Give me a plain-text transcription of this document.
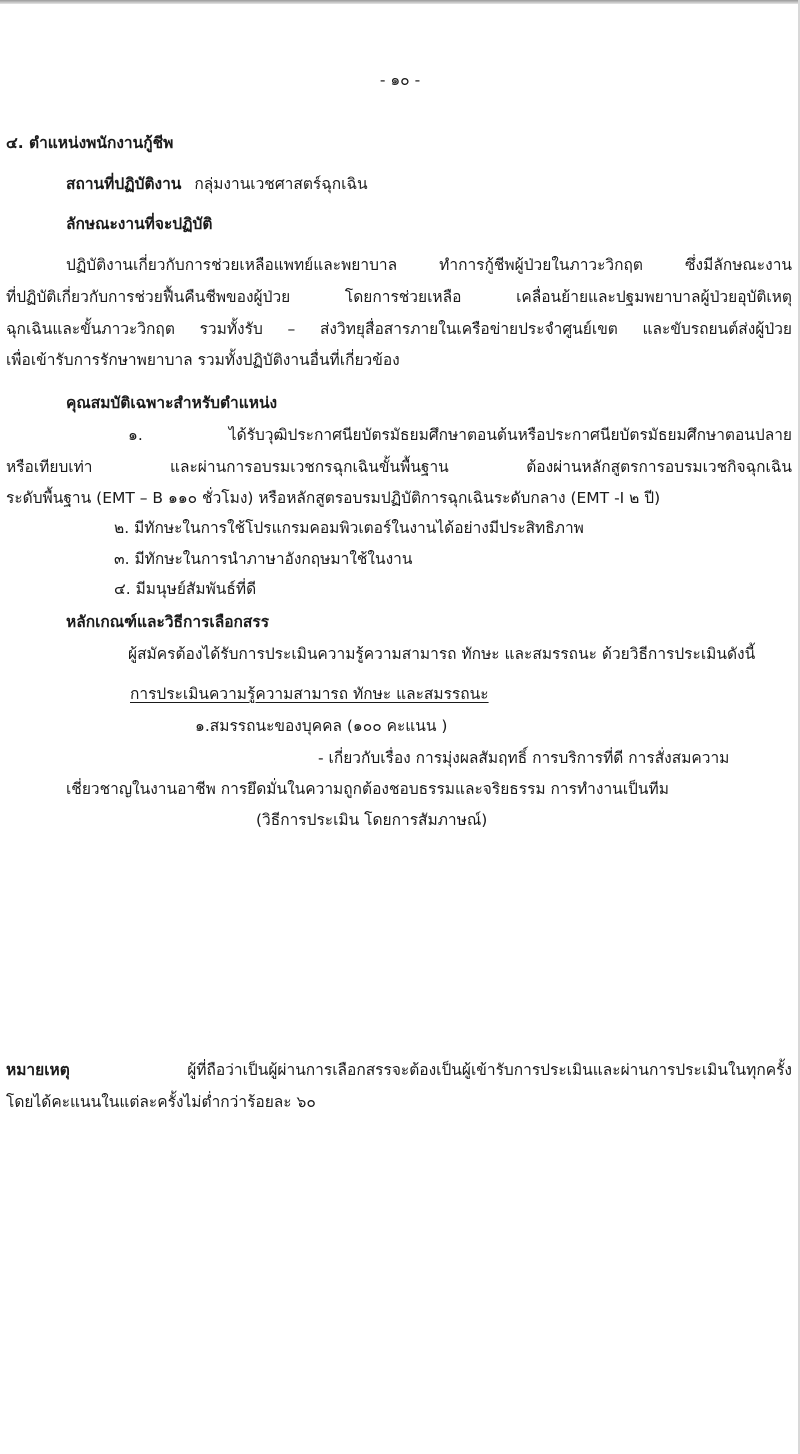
- ๑๐ -
๔. ตำแหน่งพนักงานกู้ชีพ
สถานที่ปฏิบัติงาน กลุ่มงานเวชศาสตร์ฉุกเฉิน
ลักษณะงานที่จะปฏิบัติ
ปฏิบัติงานเกี่ยวกับการช่วยเหลือแพทย์และพยาบาล ทำการกู้ชีพผู้ป่วยในภาวะวิกฤต ซึ่งมีลักษณะงาน
ที่ปฏิบัติเกี่ยวกับการช่วยฟื้นคืนชีพของผู้ป่วย โดยการช่วยเหลือ เคลื่อนย้ายและปฐมพยาบาลผู้ป่วยอุบัติเหตุ
ฉุกเฉินและขั้นภาวะวิกฤต รวมทั้งรับ – ส่งวิทยุสื่อสารภายในเครือข่ายประจำศูนย์เขต และขับรถยนต์ส่งผู้ป่วย
เพื่อเข้ารับการรักษาพยาบาล รวมทั้งปฏิบัติงานอื่นที่เกี่ยวข้อง
คุณสมบัติเฉพาะสำหรับตำแหน่ง
๑. ได้รับวุฒิประกาศนียบัตรมัธยมศึกษาตอนต้นหรือประกาศนียบัตรมัธยมศึกษาตอนปลาย
หรือเทียบเท่า และผ่านการอบรมเวชกรฉุกเฉินขั้นพื้นฐาน ต้องผ่านหลักสูตรการอบรมเวชกิจฉุกเฉิน
ระดับพื้นฐาน (EMT – B ๑๑๐ ชั่วโมง) หรือหลักสูตรอบรมปฏิบัติการฉุกเฉินระดับกลาง (EMT -I ๒ ปี)
๒. มีทักษะในการใช้โปรแกรมคอมพิวเตอร์ในงานได้อย่างมีประสิทธิภาพ
๓. มีทักษะในการนำภาษาอังกฤษมาใช้ในงาน
๔. มีมนุษย์สัมพันธ์ที่ดี
หลักเกณฑ์และวิธีการเลือกสรร
ผู้สมัครต้องได้รับการประเมินความรู้ความสามารถ ทักษะ และสมรรถนะ ด้วยวิธีการประเมินดังนี้
การประเมินความรู้ความสามารถ ทักษะ และสมรรถนะ
๑.สมรรถนะของบุคคล (๑๐๐ คะแนน )
- เกี่ยวกับเรื่อง การมุ่งผลสัมฤทธิ์ การบริการที่ดี การสั่งสมความ
เชี่ยวชาญในงานอาชีพ การยึดมั่นในความถูกต้องชอบธรรมและจริยธรรม การทำงานเป็นทีม
(วิธีการประเมิน โดยการสัมภาษณ์)
หมายเหตุ	ผู้ที่ถือว่าเป็นผู้ผ่านการเลือกสรรจะต้องเป็นผู้เข้ารับการประเมินและผ่านการประเมินในทุกครั้ง
โดยได้คะแนนในแต่ละครั้งไม่ต่ำกว่าร้อยละ ๖๐
